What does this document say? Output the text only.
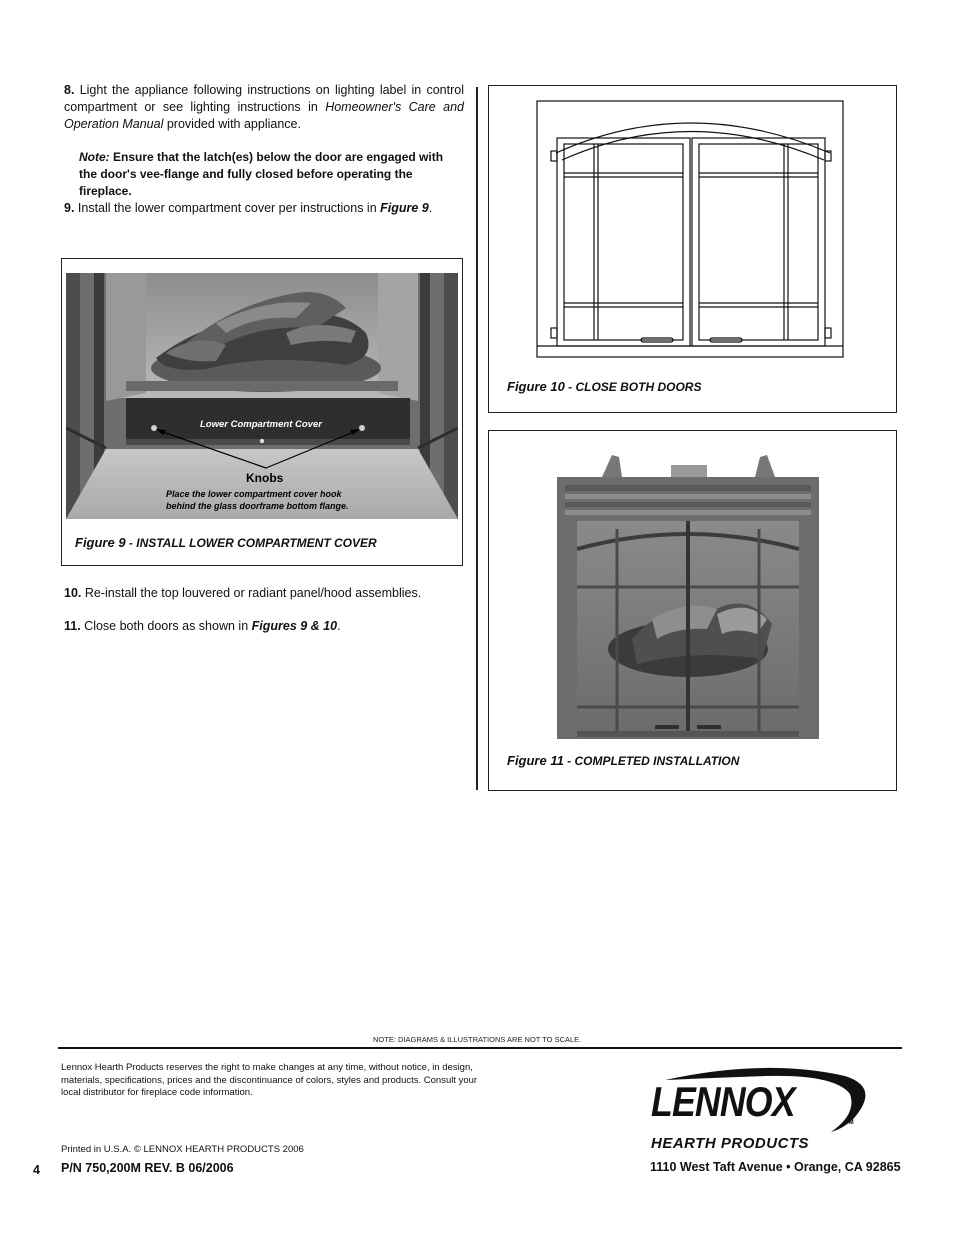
8. Light the appliance following instructions on lighting label in control compartment or see lighting instructions in Homeowner's Care and Operation Manual provided with appliance.
Note: Ensure that the latch(es) below the door are engaged with the door's vee-flange and fully closed before operating the fireplace.
9. Install the lower compartment cover per instructions in Figure 9.
Lower Compartment Cover
Knobs
Place the lower compartment cover hook behind the glass doorframe bottom flange.
Figure 9 - INSTALL LOWER COMPARTMENT COVER
10. Re-install the top louvered or radiant panel/hood assemblies.
11. Close both doors as shown in Figures 9 & 10.
Figure 10 - CLOSE BOTH DOORS
Figure 11 - COMPLETED INSTALLATION
NOTE: DIAGRAMS & ILLUSTRATIONS ARE NOT TO SCALE.
Lennox Hearth Products reserves the right to make changes at any time, without notice, in design, materials, specifications, prices and the discontinuance of colors, styles and products. Consult your local distributor for fireplace code information.
Printed in U.S.A. © LENNOX HEARTH PRODUCTS 2006
4 P/N 750,200M REV. B 06/2006
LENNOX	TM
HEARTH PRODUCTS
1110 West Taft Avenue • Orange, CA 92865
